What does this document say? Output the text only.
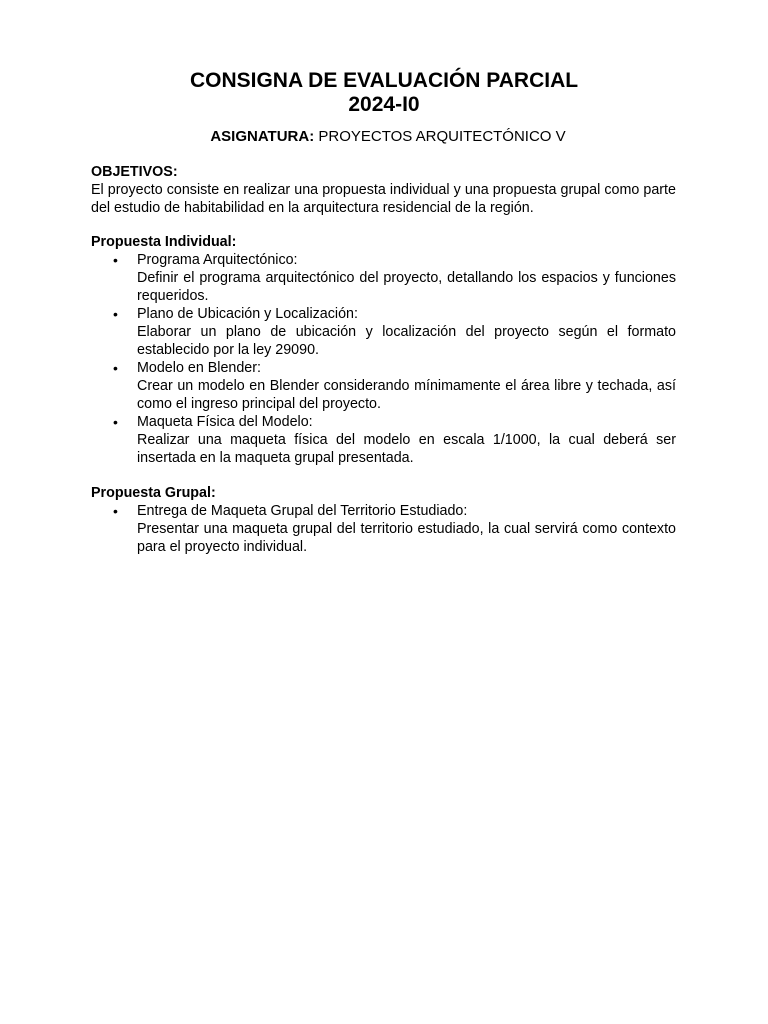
CONSIGNA DE EVALUACIÓN PARCIAL
2024-I0
ASIGNATURA: PROYECTOS ARQUITECTÓNICO V
OBJETIVOS:
El proyecto consiste en realizar una propuesta individual y una propuesta grupal como parte del estudio de habitabilidad en la arquitectura residencial de la región.
Propuesta Individual:
• Programa Arquitectónico:
Definir el programa arquitectónico del proyecto, detallando los espacios y funciones requeridos.
• Plano de Ubicación y Localización:
Elaborar un plano de ubicación y localización del proyecto según el formato establecido por la ley 29090.
• Modelo en Blender:
Crear un modelo en Blender considerando mínimamente el área libre y techada, así como el ingreso principal del proyecto.
• Maqueta Física del Modelo:
Realizar una maqueta física del modelo en escala 1/1000, la cual deberá ser insertada en la maqueta grupal presentada.
Propuesta Grupal:
• Entrega de Maqueta Grupal del Territorio Estudiado:
Presentar una maqueta grupal del territorio estudiado, la cual servirá como contexto para el proyecto individual.
